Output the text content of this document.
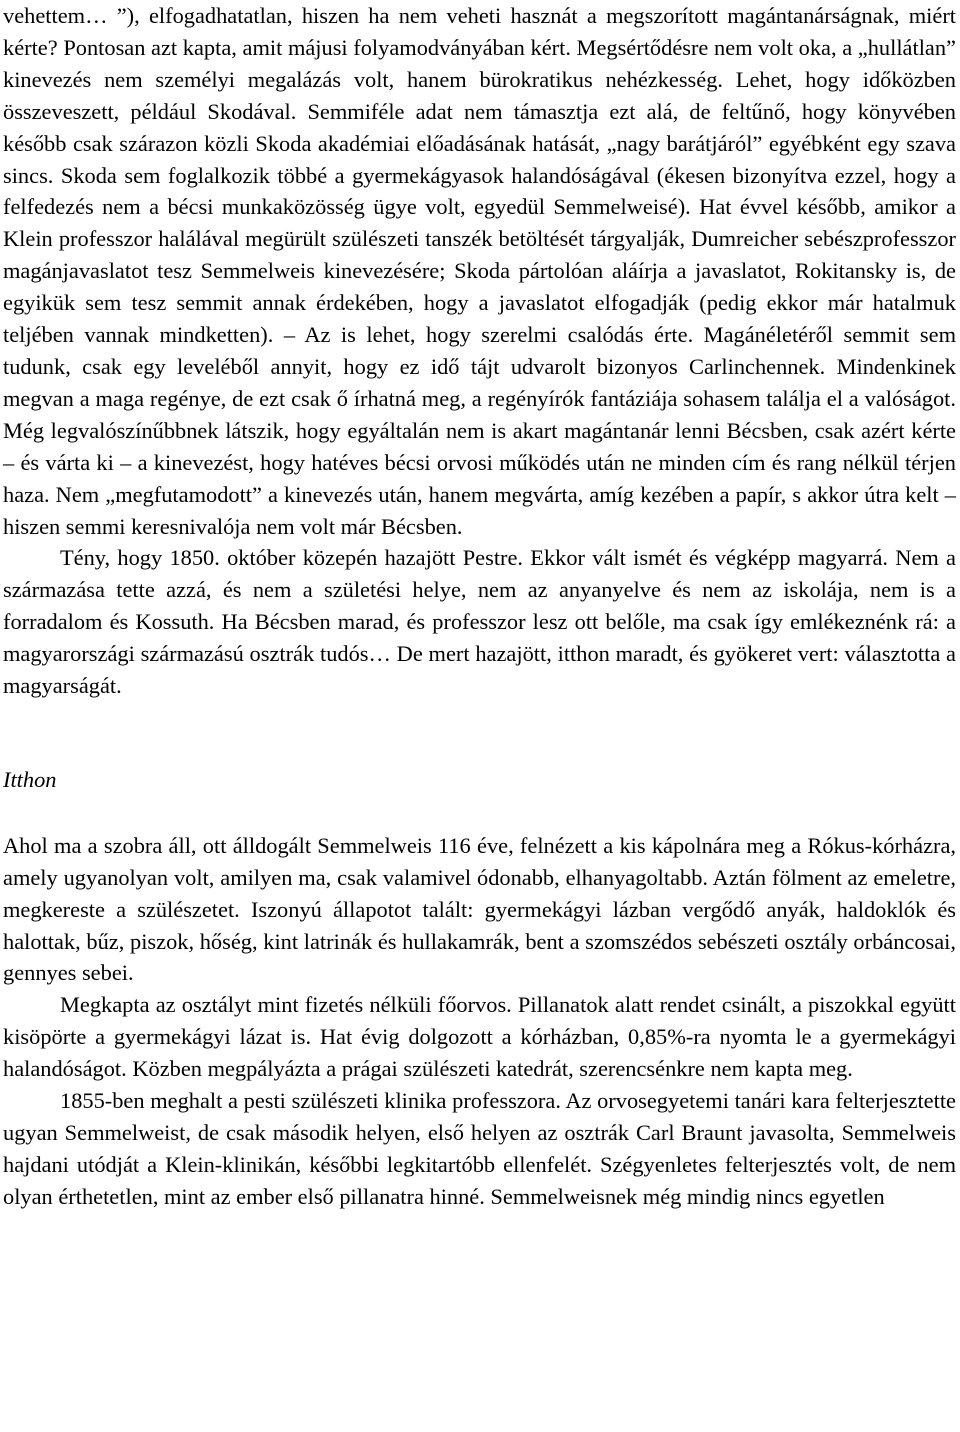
vehettem… ”), elfogadhatatlan, hiszen ha nem veheti hasznát a megszorított magántanárságnak, miért kérte? Pontosan azt kapta, amit májusi folyamodványában kért. Megsértődésre nem volt oka, a „hullátlan” kinevezés nem személyi megalázás volt, hanem bürokratikus nehézkesség. Lehet, hogy időközben összeveszett, például Skodával. Semmiféle adat nem támasztja ezt alá, de feltűnő, hogy könyvében később csak szárazon közli Skoda akadémiai előadásának hatását, „nagy barátjáról” egyébként egy szava sincs. Skoda sem foglalkozik többé a gyermekágyasok halandóságával (ékesen bizonyítva ezzel, hogy a felfedezés nem a bécsi munkaközösség ügye volt, egyedül Semmelweisé). Hat évvel később, amikor a Klein professzor halálával megürült szülészeti tanszék betöltését tárgyalják, Dumreicher sebészprofesszor magánjavaslatot tesz Semmelweis kinevezésére; Skoda pártolóan aláírja a javaslatot, Rokitansky is, de egyikük sem tesz semmit annak érdekében, hogy a javaslatot elfogadják (pedig ekkor már hatalmuk teljében vannak mindketten). – Az is lehet, hogy szerelmi csalódás érte. Magánéletéről semmit sem tudunk, csak egy leveléből annyit, hogy ez idő tájt udvarolt bizonyos Carlinchennek. Mindenkinek megvan a maga regénye, de ezt csak ő írhatná meg, a regényírók fantáziája sohasem találja el a valóságot. Még legvalószínűbbnek látszik, hogy egyáltalán nem is akart magántanár lenni Bécsben, csak azért kérte – és várta ki – a kinevezést, hogy hatéves bécsi orvosi működés után ne minden cím és rang nélkül térjen haza. Nem „megfutamodott” a kinevezés után, hanem megvárta, amíg kezében a papír, s akkor útra kelt – hiszen semmi keresnivalója nem volt már Bécsben.

Tény, hogy 1850. október közepén hazajött Pestre. Ekkor vált ismét és végképp magyarrá. Nem a származása tette azzá, és nem a születési helye, nem az anyanyelve és nem az iskolája, nem is a forradalom és Kossuth. Ha Bécsben marad, és professzor lesz ott belőle, ma csak így emlékeznénk rá: a magyarországi származású osztrák tudós… De mert hazajött, itthon maradt, és gyökeret vert: választotta a magyarságát.

Itthon

Ahol ma a szobra áll, ott álldogált Semmelweis 116 éve, felnézett a kis kápolnára meg a Rókus-kórházra, amely ugyanolyan volt, amilyen ma, csak valamivel ódonabb, elhanyagoltabb. Aztán fölment az emeletre, megkereste a szülészetet. Iszonyú állapotot talált: gyermekágyi lázban vergődő anyák, haldoklók és halottak, bűz, piszok, hőség, kint latrinák és hullakamrák, bent a szomszédos sebészeti osztály orbáncosai, gennyes sebei.

Megkapta az osztályt mint fizetés nélküli főorvos. Pillanatok alatt rendet csinált, a piszokkal együtt kisöpörte a gyermekágyi lázat is. Hat évig dolgozott a kórházban, 0,85%-ra nyomta le a gyermekágyi halandóságot. Közben megpályázta a prágai szülészeti katedrát, szerencsénkre nem kapta meg.

1855-ben meghalt a pesti szülészeti klinika professzora. Az orvosegyetemi tanári kara felterjesztette ugyan Semmelweist, de csak második helyen, első helyen az osztrák Carl Braunt javasolta, Semmelweis hajdani utódját a Klein-klinikán, későbbi legkitartóbb ellenfelét. Szégyenletes felterjesztés volt, de nem olyan érthetetlen, mint az ember első pillanatra hinné. Semmelweisnek még mindig nincs egyetlen
